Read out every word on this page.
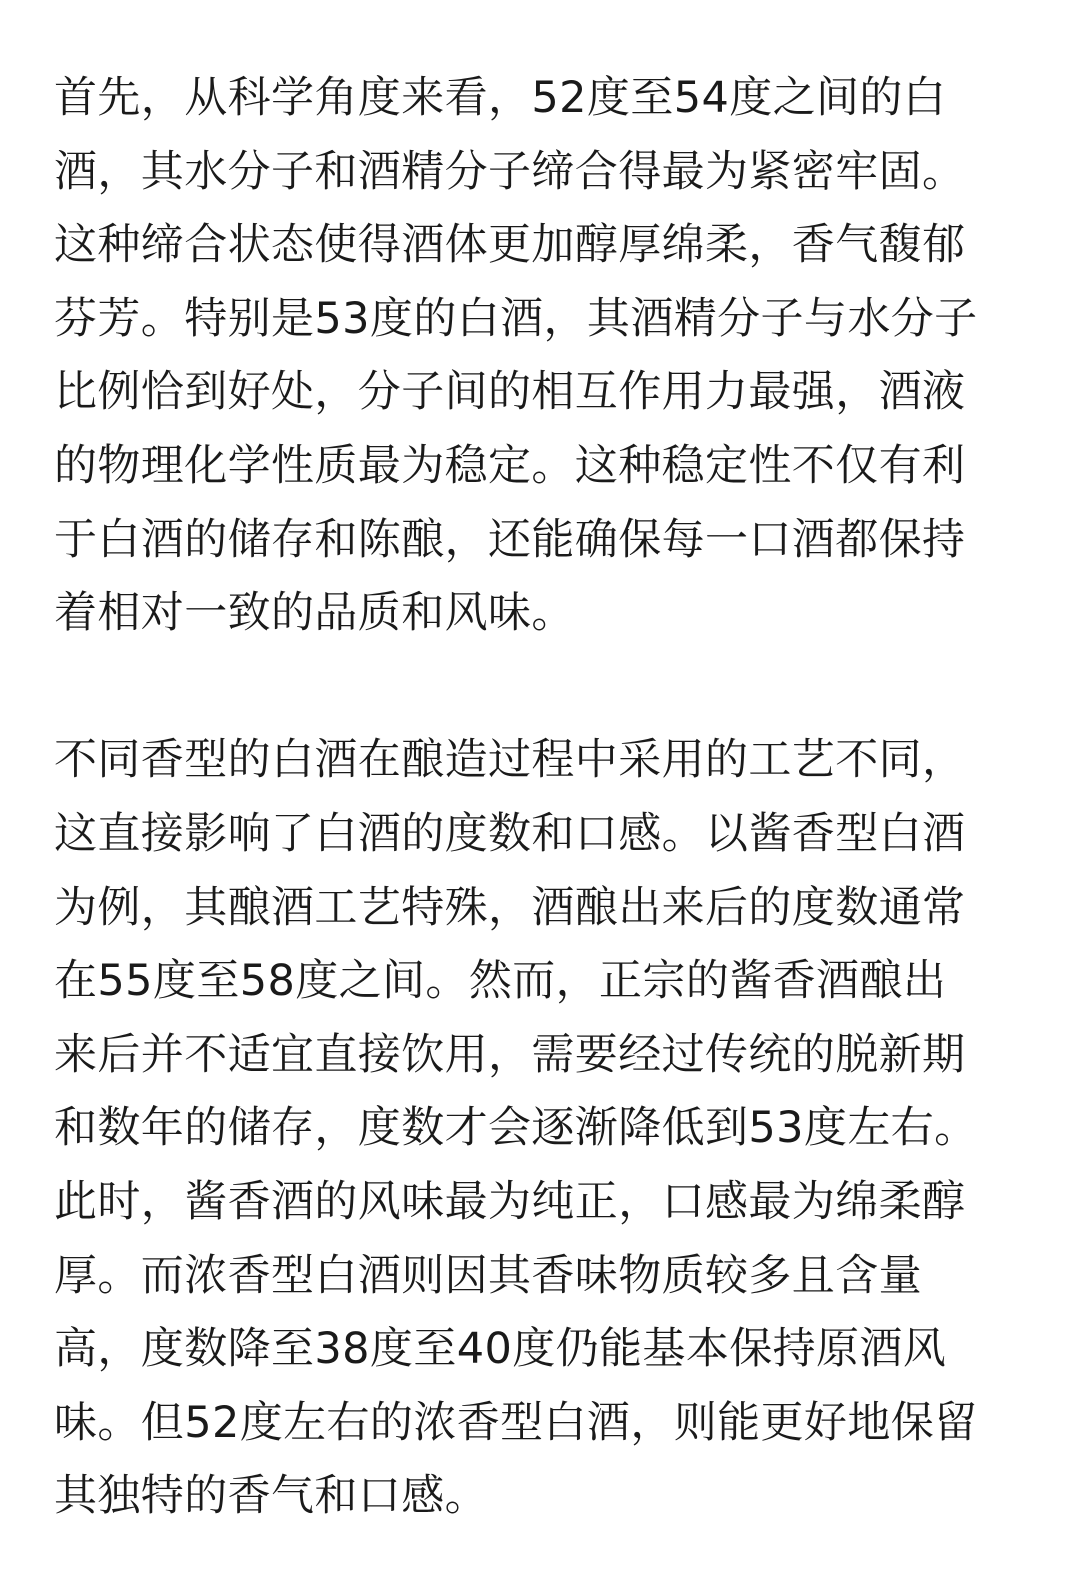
首先，从科学角度来看，52度至54度之间的白
酒，其水分子和酒精分子缔合得最为紧密牢固。
这种缔合状态使得酒体更加醇厚绵柔，香气馥郁
芬芳。特别是53度的白酒，其酒精分子与水分子
比例恰到好处，分子间的相互作用力最强，酒液
的物理化学性质最为稳定。这种稳定性不仅有利
于白酒的储存和陈酿，还能确保每一口酒都保持
着相对一致的品质和风味。

不同香型的白酒在酿造过程中采用的工艺不同，
这直接影响了白酒的度数和口感。以酱香型白酒
为例，其酿酒工艺特殊，酒酿出来后的度数通常
在55度至58度之间。然而，正宗的酱香酒酿出
来后并不适宜直接饮用，需要经过传统的脱新期
和数年的储存，度数才会逐渐降低到53度左右。
此时，酱香酒的风味最为纯正，口感最为绵柔醇
厚。而浓香型白酒则因其香味物质较多且含量
高，度数降至38度至40度仍能基本保持原酒风
味。但52度左右的浓香型白酒，则能更好地保留
其独特的香气和口感。
